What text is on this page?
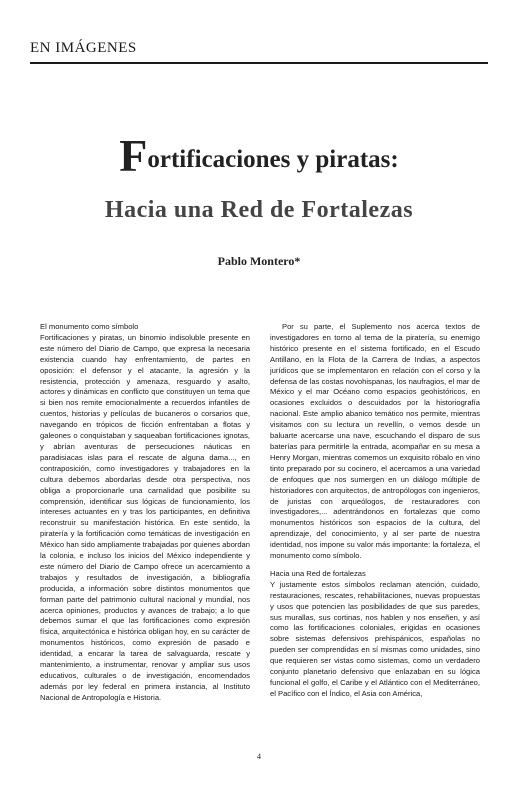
EN IMÁGENES
Fortificaciones y piratas:
Hacia una Red de Fortalezas
Pablo Montero*

El monumento como símbolo

Fortificaciones y piratas, un binomio indisoluble presente en este número del Diario de Campo, que expresa la necesaria existencia cuando hay enfrentamiento, de partes en oposición: el defensor y el atacante, la agresión y la resistencia, protección y amenaza, resguardo y asalto, actores y dinámicas en conflicto que constituyen un tema que si bien nos remite emocionalmente a recuerdos infantiles de cuentos, historias y películas de bucaneros o corsarios que, navegando en trópicos de ficción enfrentaban a flotas y galeones o conquistaban y saqueaban fortificaciones ignotas, y abrían aventuras de persecuciones náuticas en paradisiacas islas para el rescate de alguna dama..., en contraposición, como investigadores y trabajadores en la cultura debemos abordarlas desde otra perspectiva, nos obliga a proporcionarle una carnalidad que posibilite su comprensión, identificar sus lógicas de funcionamiento, los intereses actuantes en y tras los participantes, en definitiva reconstruir su manifestación histórica. En este sentido, la piratería y la fortificación como temáticas de investigación en México han sido ampliamente trabajadas por quienes abordan la colonia, e incluso los inicios del México independiente y este número del Diario de Campo ofrece un acercamiento a trabajos y resultados de investigación, a bibliografía producida, a información sobre distintos monumentos que forman parte del patrimonio cultural nacional y mundial, nos acerca opiniones, productos y avances de trabajo; a lo que debemos sumar el que las fortificaciones como expresión física, arquitectónica e histórica obligan hoy, en su carácter de monumentos históricos, como expresión de pasado e identidad, a encarar la tarea de salvaguarda, rescate y mantenimiento, a instrumentar, renovar y ampliar sus usos educativos, culturales o de investigación, encomendados además por ley federal en primera instancia, al Instituto Nacional de Antropología e Historia.

Por su parte, el Suplemento nos acerca textos de investigadores en torno al tema de la piratería, su enemigo histórico presente en el sistema fortificado, en el Escudo Antillano, en la Flota de la Carrera de Indias, a aspectos jurídicos que se implementaron en relación con el corso y la defensa de las costas novohispanas, los naufragios, el mar de México y el mar Océano como espacios geohistóricos, en ocasiones excluidos o descuidados por la historiografía nacional. Este amplio abanico temático nos permite, mientras visitamos con su lectura un revellín, o vemos desde un baluarte acercarse una nave, escuchando el disparo de sus baterías para permitirle la entrada, acompañar en su mesa a Henry Morgan, mientras comemos un exquisito róbalo en vino tinto preparado por su cocinero, el acercamos a una variedad de enfoques que nos sumergen en un diálogo múltiple de historiadores con arquitectos, de antropólogos con ingenieros, de juristas con arqueólogos, de restauradores con investigadores,... adentrándonos en fortalezas que como monumentos históricos son espacios de la cultura, del aprendizaje, del conocimiento, y al ser parte de nuestra identidad, nos impone su valor más importante: la fortaleza, el monumento como símbolo.

Hacia una Red de fortalezas

Y justamente estos símbolos reclaman atención, cuidado, restauraciones, rescates, rehabilitaciones, nuevas propuestas y usos que potencien las posibilidades de que sus paredes, sus murallas, sus cortinas, nos hablen y nos enseñen, y así como las fortificaciones coloniales, erigidas en ocasiones sobre sistemas defensivos prehispánicos, españolas no pueden ser comprendidas en sí mismas como unidades, sino que requieren ser vistas como sistemas, como un verdadero conjunto planetario defensivo que enlazaban en su lógica funcional el golfo, el Caribe y el Atlántico con el Mediterráneo, el Pacífico con el Índico, el Asia con América,

4
